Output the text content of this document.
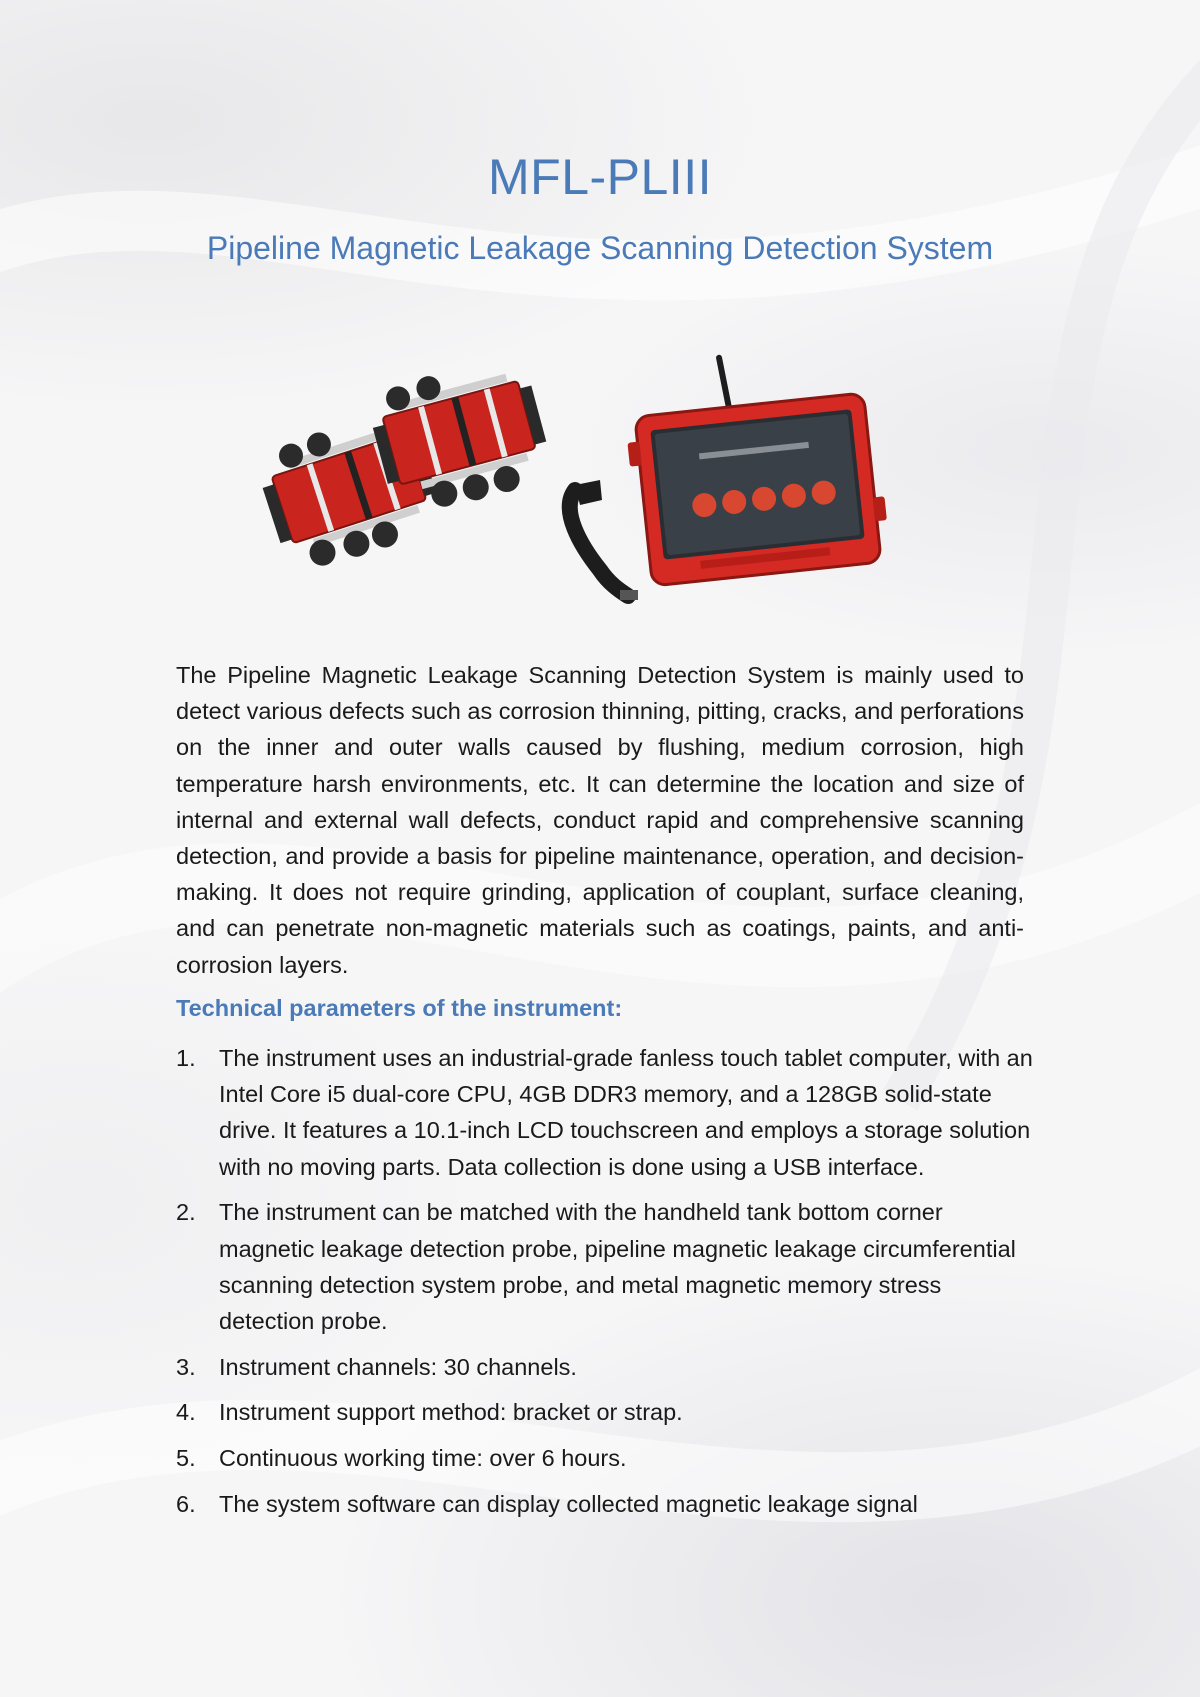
MFL-PLIII
Pipeline Magnetic Leakage Scanning Detection System

The Pipeline Magnetic Leakage Scanning Detection System is mainly used to detect various defects such as corrosion thinning, pitting, cracks, and perforations on the inner and outer walls caused by flushing, medium corrosion, high temperature harsh environments, etc. It can determine the location and size of internal and external wall defects, conduct rapid and comprehensive scanning detection, and provide a basis for pipeline maintenance, operation, and decision-making. It does not require grinding, application of couplant, surface cleaning, and can penetrate non-magnetic materials such as coatings, paints, and anti-corrosion layers.

Technical parameters of the instrument:
1. The instrument uses an industrial-grade fanless touch tablet computer, with an Intel Core i5 dual-core CPU, 4GB DDR3 memory, and a 128GB solid-state drive. It features a 10.1-inch LCD touchscreen and employs a storage solution with no moving parts. Data collection is done using a USB interface.
2. The instrument can be matched with the handheld tank bottom corner magnetic leakage detection probe, pipeline magnetic leakage circumferential scanning detection system probe, and metal magnetic memory stress detection probe.
3. Instrument channels: 30 channels.
4. Instrument support method: bracket or strap.
5. Continuous working time: over 6 hours.
6. The system software can display collected magnetic leakage signal
